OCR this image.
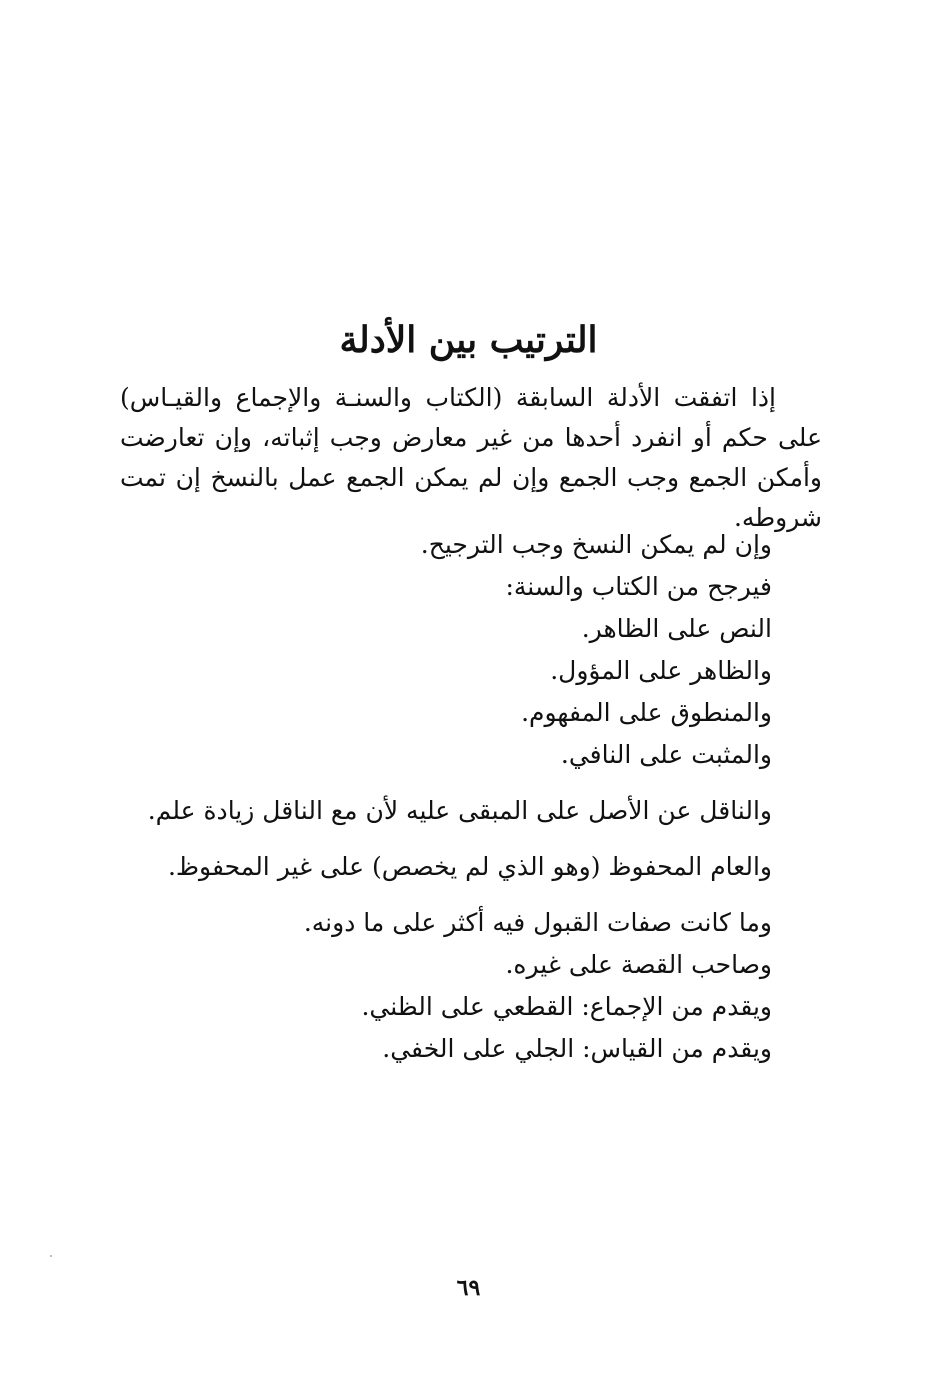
الترتيب بين الأدلة

إذا اتفقت الأدلة السابقة (الكتاب والسنـة والإجماع والقيـاس) على حكم أو انفرد أحدها من غير معارض وجب إثباته، وإن تعارضت وأمكن الجمع وجب الجمع وإن لم يمكن الجمع عمل بالنسخ إن تمت شروطه.

وإن لم يمكن النسخ وجب الترجيح.
فيرجح من الكتاب والسنة:
النص على الظاهر.
والظاهر على المؤول.
والمنطوق على المفهوم.
والمثبت على النافي.
والناقل عن الأصل على المبقى عليه لأن مع الناقل زيادة علم.
والعام المحفوظ (وهو الذي لم يخصص) على غير المحفوظ.
وما كانت صفات القبول فيه أكثر على ما دونه.
وصاحب القصة على غيره.
ويقدم من الإجماع: القطعي على الظني.
ويقدم من القياس: الجلي على الخفي.
٦٩
